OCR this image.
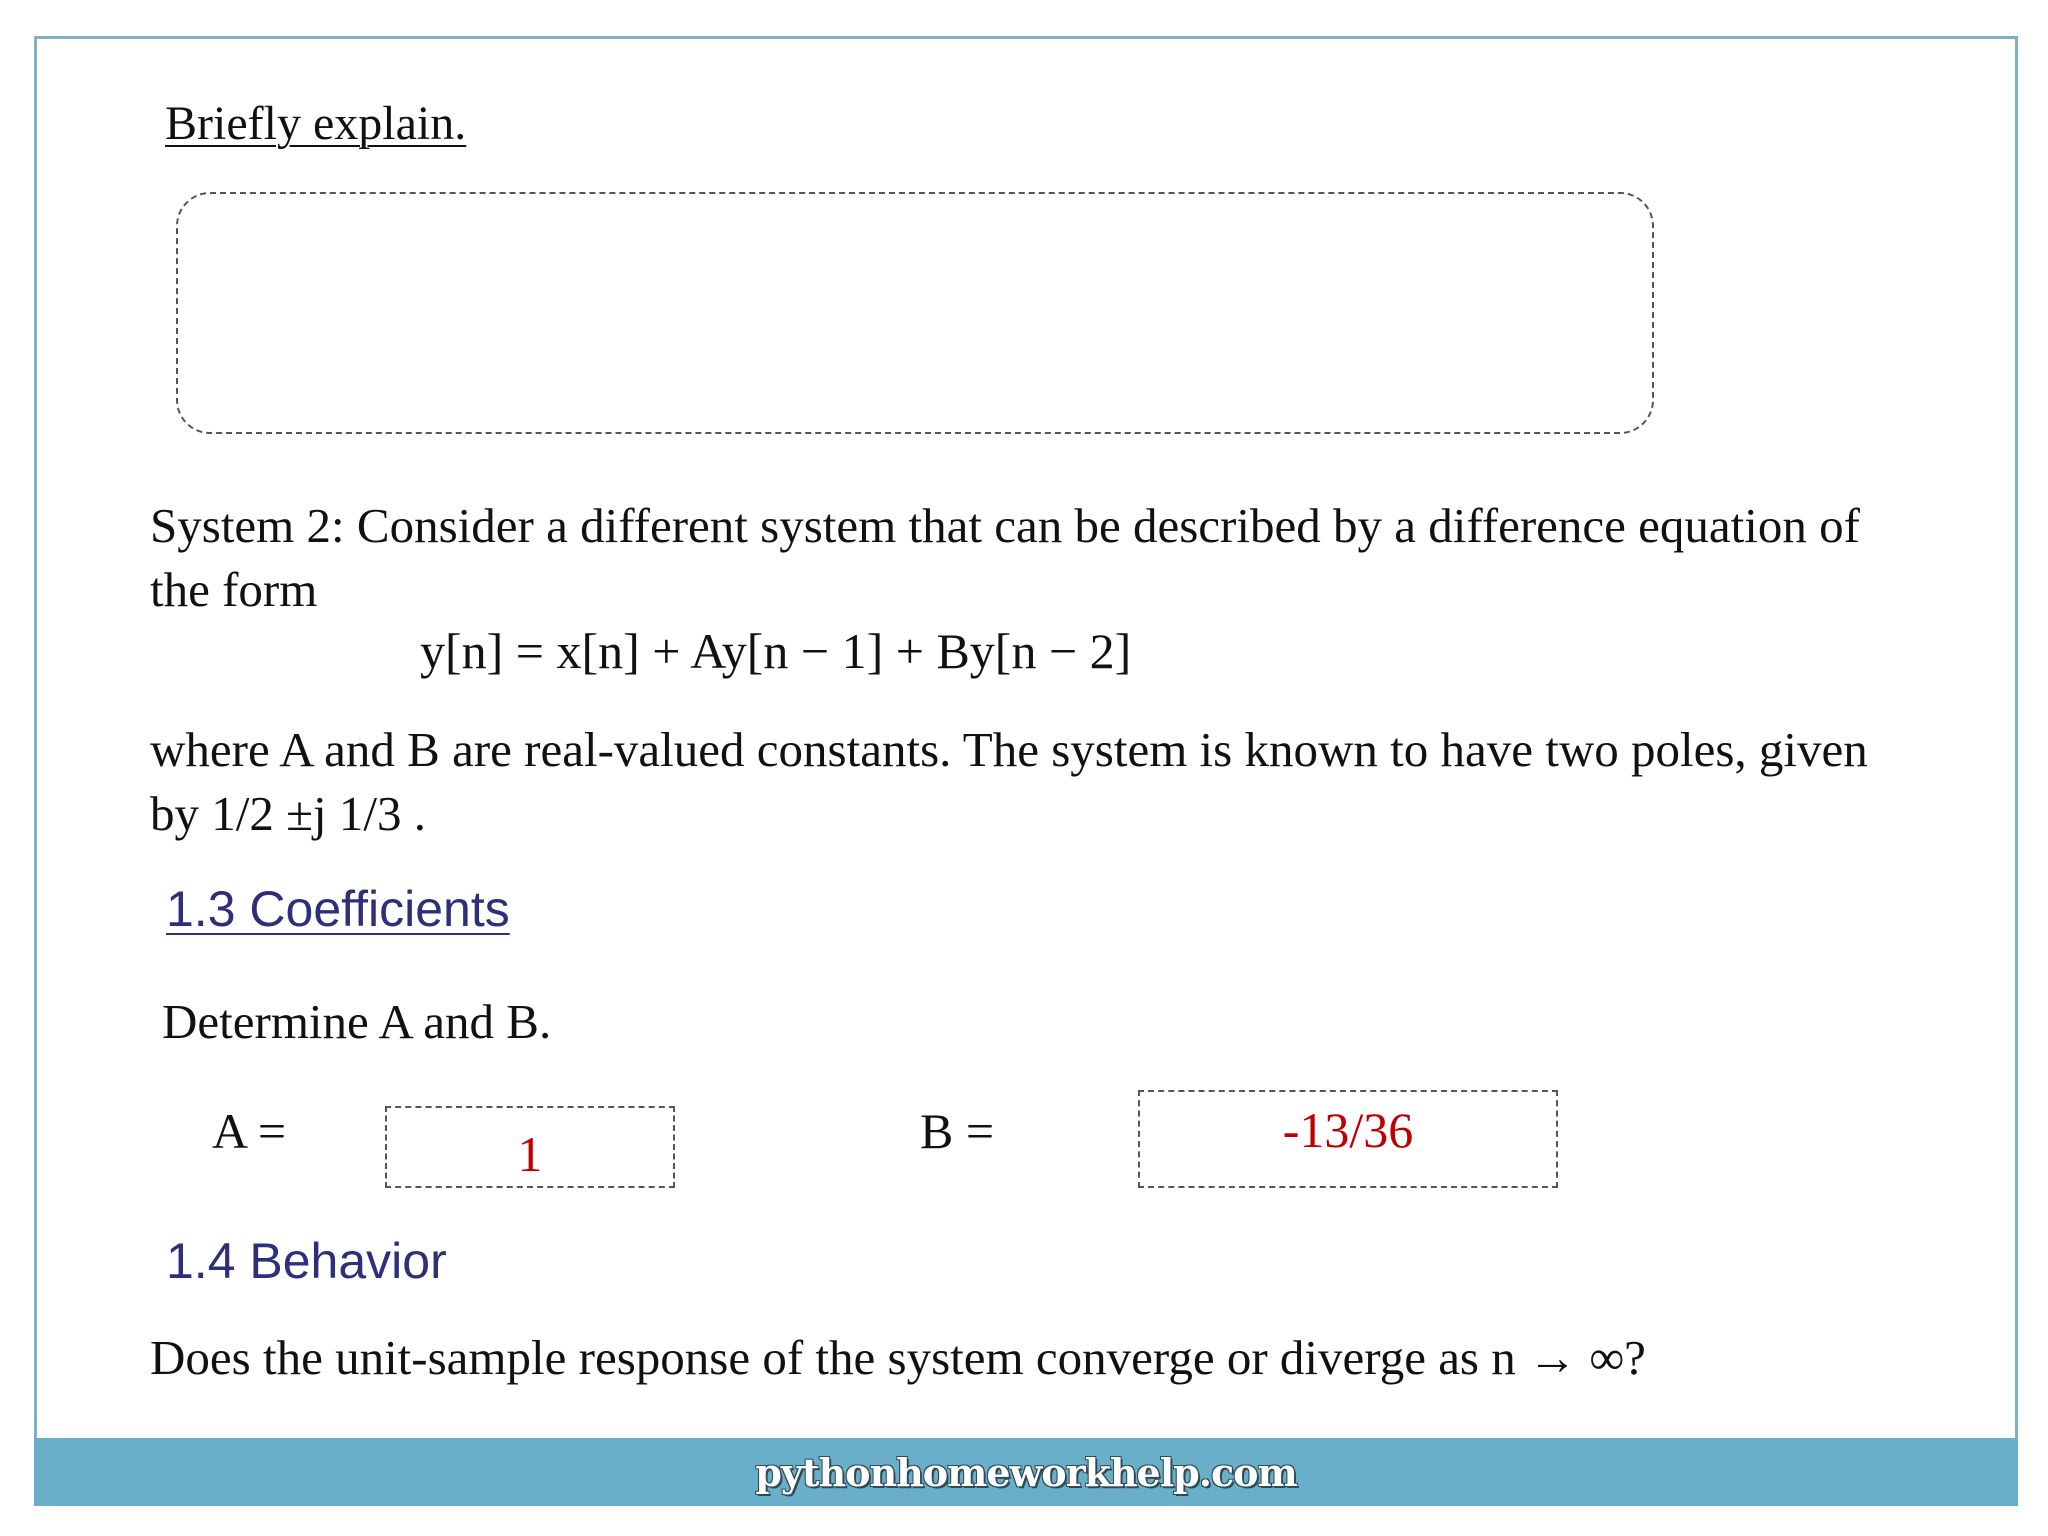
Briefly explain.
System 2: Consider a different system that can be described by a difference equation of
the form
y[n] = x[n] + Ay[n − 1] + By[n − 2]
where A and B are real-valued constants. The system is known to have two poles, given
by 1/2 ±j 1/3 .
1.3 Coefficients
Determine A and B.
A =	1	B =	-13/36
1.4 Behavior
Does the unit-sample response of the system converge or diverge as n → ∞?
pythonhomeworkhelp.com
